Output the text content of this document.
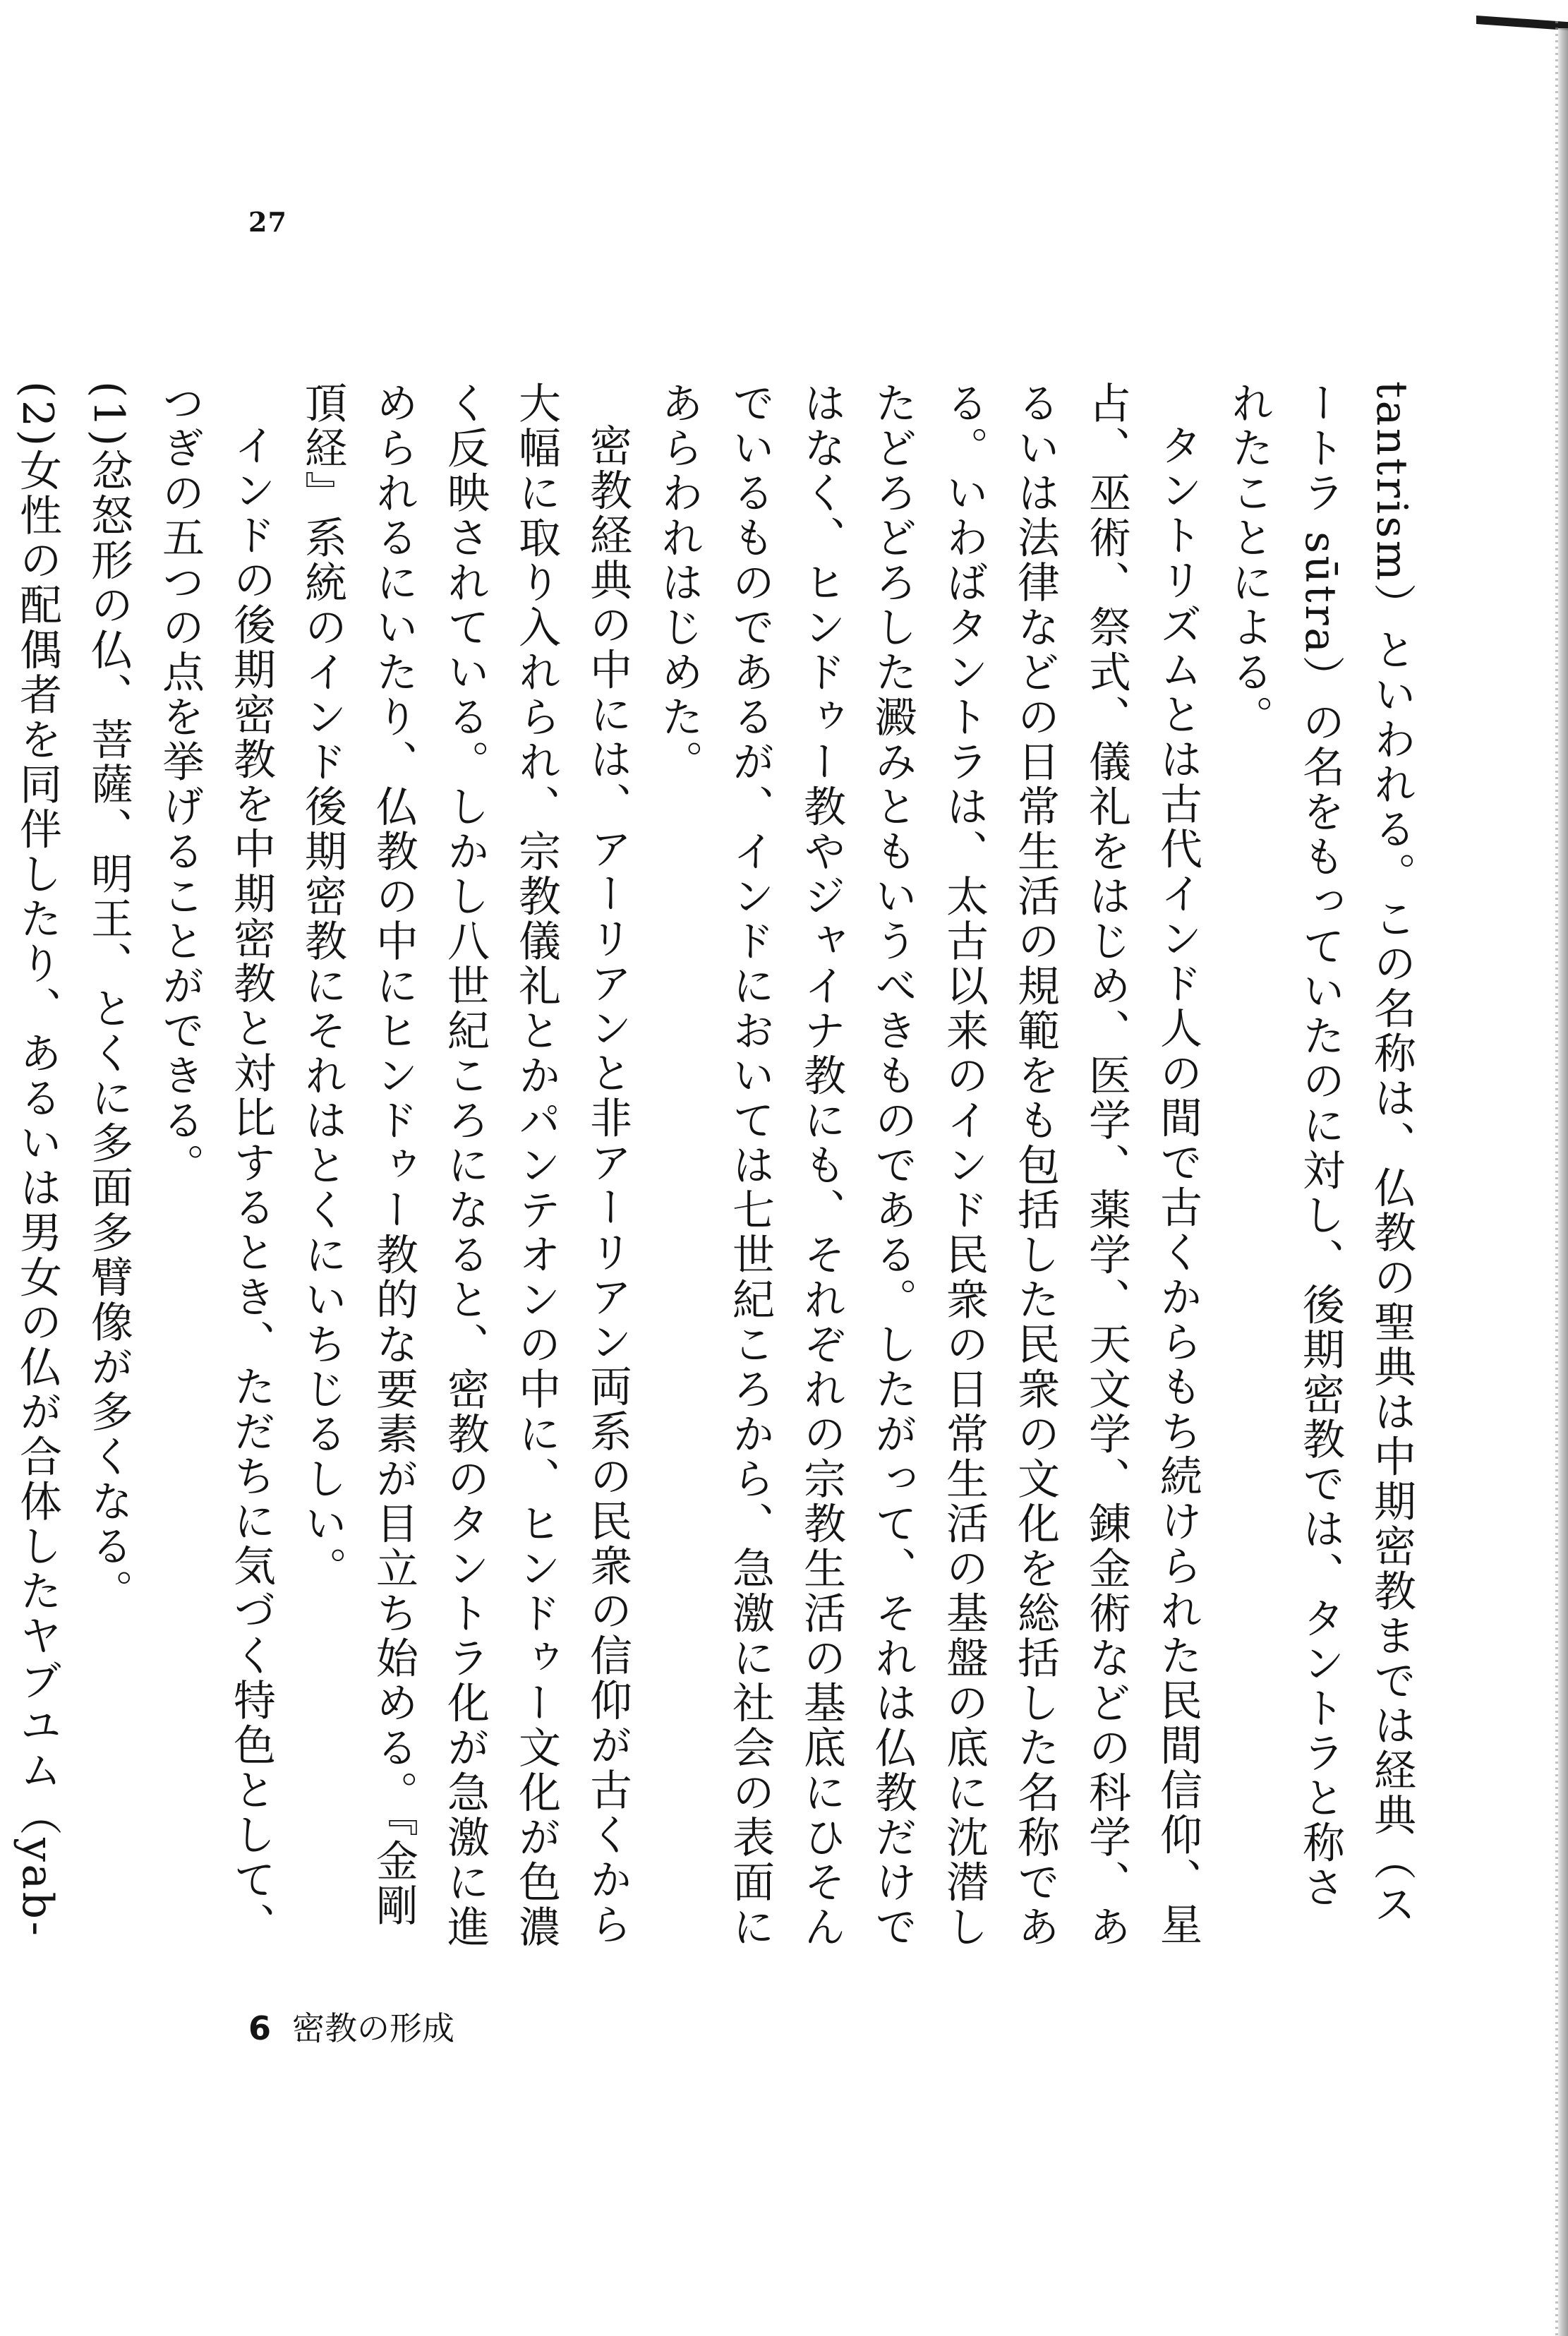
27

tantrism）といわれる。この名称は、仏教の聖典は中期密教までは経典（スートラ sūtra）の名をもっていたのに対し、後期密教では、タントラと称されたことによる。

タントリズムとは古代インド人の間で古くからもち続けられた民間信仰、星占、巫術、祭式、儀礼をはじめ、医学、薬学、天文学、錬金術などの科学、あるいは法律などの日常生活の規範をも包括した民衆の文化を総括した名称である。いわばタントラは、太古以来のインド民衆の日常生活の基盤の底に沈潜したどろどろした澱みともいうべきものである。したがって、それは仏教だけではなく、ヒンドゥー教やジャイナ教にも、それぞれの宗教生活の基底にひそんでいるものであるが、インドにおいては七世紀ころから、急激に社会の表面にあらわれはじめた。

密教経典の中には、アーリアンと非アーリアン両系の民衆の信仰が古くから大幅に取り入れられ、宗教儀礼とかパンテオンの中に、ヒンドゥー文化が色濃く反映されている。しかし八世紀ころになると、密教のタントラ化が急激に進められるにいたり、仏教の中にヒンドゥー教的な要素が目立ち始める。『金剛頂経』系統のインド後期密教にそれはとくにいちじるしい。

インドの後期密教を中期密教と対比するとき、ただちに気づく特色として、つぎの五つの点を挙げることができる。

(1)忿怒形の仏、菩薩、明王、とくに多面多臂像が多くなる。

(2)女性の配偶者を同伴したり、あるいは男女の仏が合体したヤブユム（yab-

6 密教の形成
